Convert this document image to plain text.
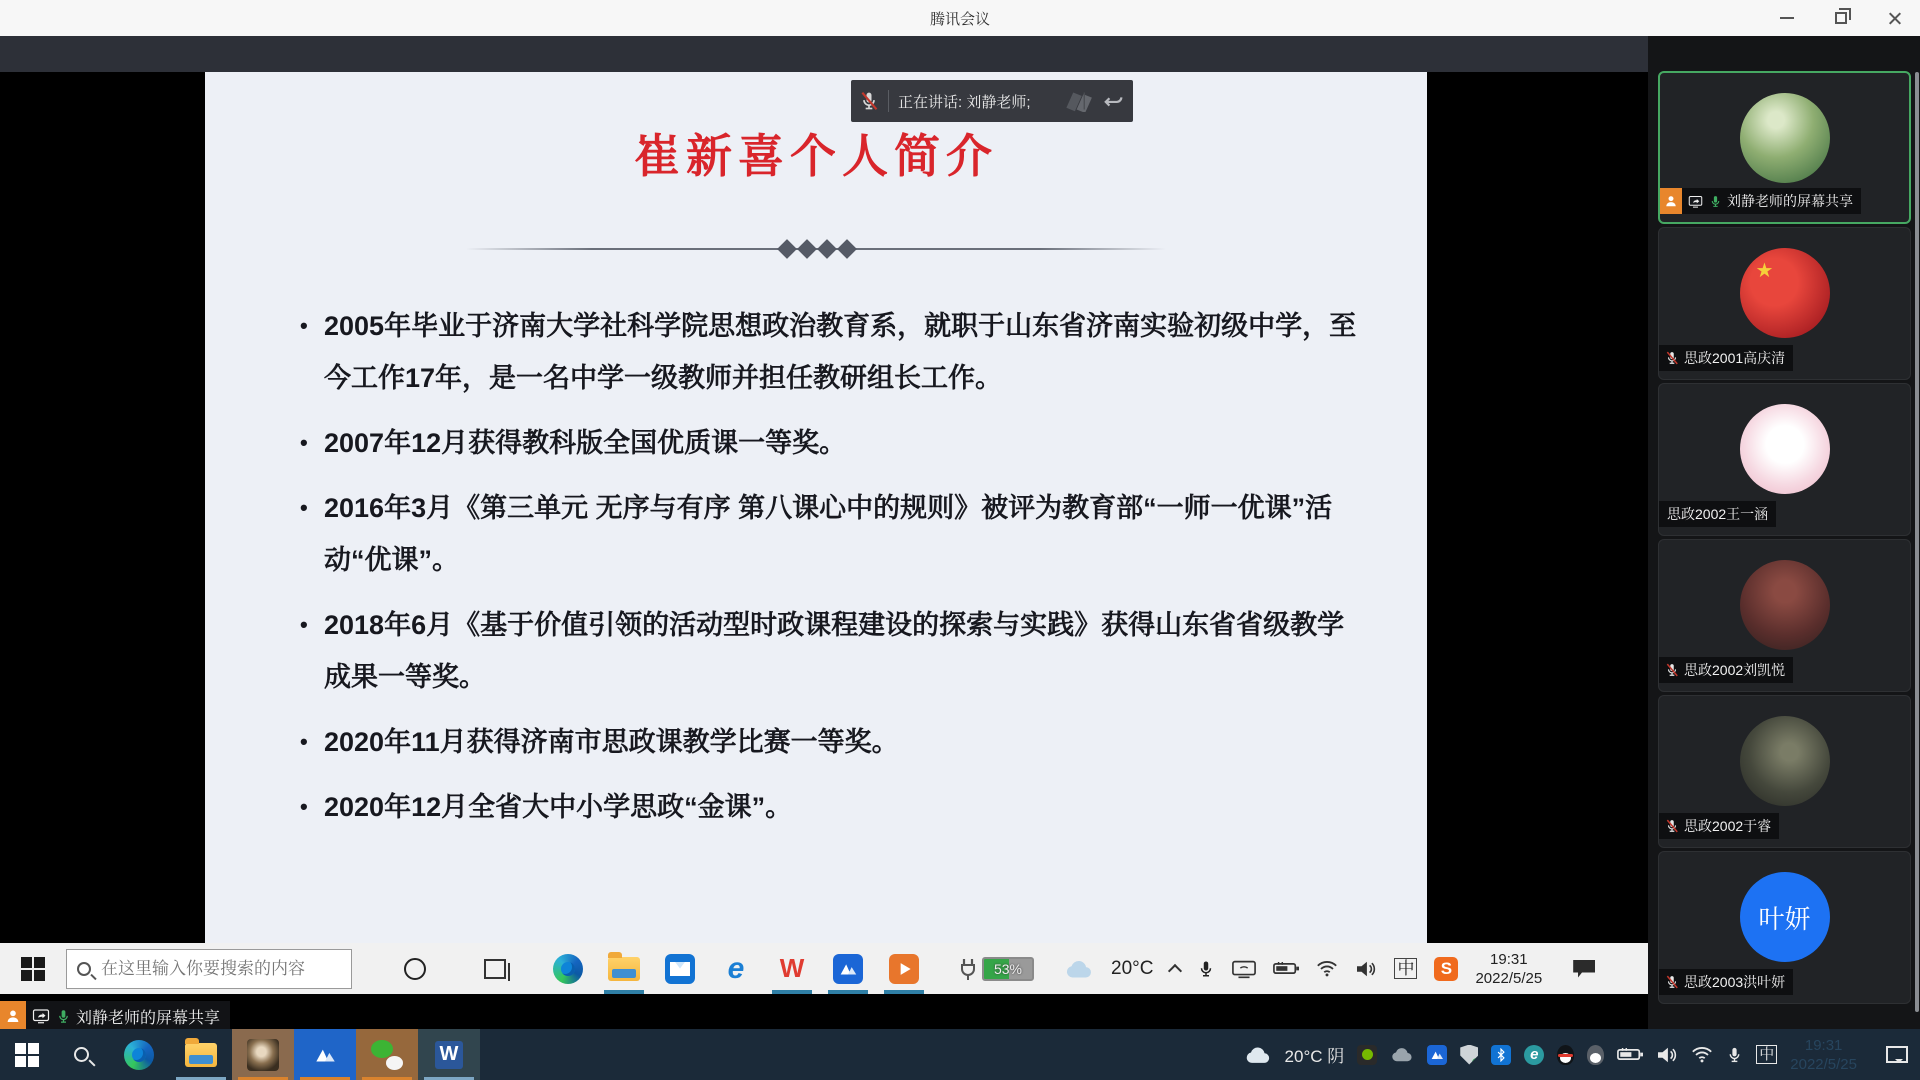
腾讯会议
崔新喜个人简介
• 2005年毕业于济南大学社科学院思想政治教育系，就职于山东省济南实验初级中学，至今工作17年，是一名中学一级教师并担任教研组长工作。

• 2007年12月获得教科版全国优质课一等奖。

• 2016年3月《第三单元 无序与有序 第八课心中的规则》被评为教育部“一师一优课”活动“优课”。

• 2018年6月《基于价值引领的活动型时政课程建设的探索与实践》获得山东省省级教学成果一等奖。

• 2020年11月获得济南市思政课教学比赛一等奖。

• 2020年12月全省大中小学思政“金课”。

正在讲话: 刘静老师;
在这里输入你要搜索的内容
e W	53%	20°C	中	S	19:31
2022/5/25
刘静老师的屏幕共享
W	20°C 阴	e	中
19:31
2022/5/25
刘静老师的屏幕共享
★
思政2001高庆清
思政2002王一涵
思政2002刘凯悦
思政2002于睿
叶妍
思政2003洪叶妍
